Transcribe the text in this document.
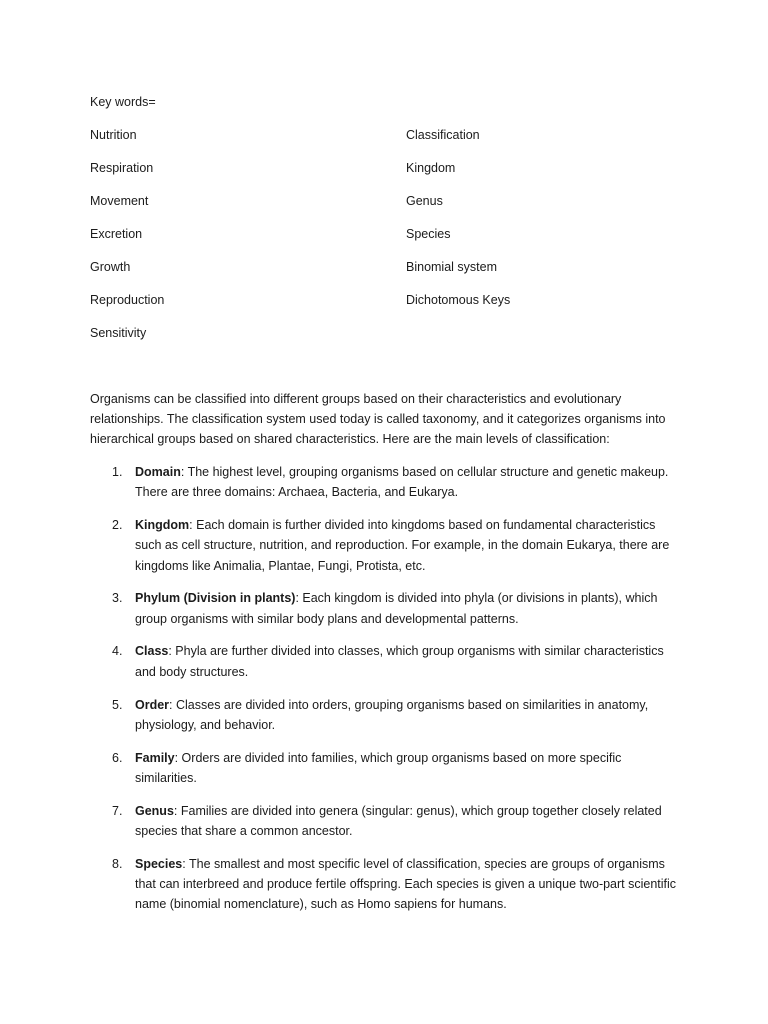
Key words=
Nutrition
Respiration
Movement
Excretion
Growth
Reproduction
Sensitivity
Classification
Kingdom
Genus
Species
Binomial system
Dichotomous Keys

Organisms can be classified into different groups based on their characteristics and evolutionary relationships. The classification system used today is called taxonomy, and it categorizes organisms into hierarchical groups based on shared characteristics. Here are the main levels of classification:

1. Domain: The highest level, grouping organisms based on cellular structure and genetic makeup. There are three domains: Archaea, Bacteria, and Eukarya.
2. Kingdom: Each domain is further divided into kingdoms based on fundamental characteristics such as cell structure, nutrition, and reproduction. For example, in the domain Eukarya, there are kingdoms like Animalia, Plantae, Fungi, Protista, etc.
3. Phylum (Division in plants): Each kingdom is divided into phyla (or divisions in plants), which group organisms with similar body plans and developmental patterns.
4. Class: Phyla are further divided into classes, which group organisms with similar characteristics and body structures.
5. Order: Classes are divided into orders, grouping organisms based on similarities in anatomy, physiology, and behavior.
6. Family: Orders are divided into families, which group organisms based on more specific similarities.
7. Genus: Families are divided into genera (singular: genus), which group together closely related species that share a common ancestor.
8. Species: The smallest and most specific level of classification, species are groups of organisms that can interbreed and produce fertile offspring. Each species is given a unique two-part scientific name (binomial nomenclature), such as Homo sapiens for humans.
